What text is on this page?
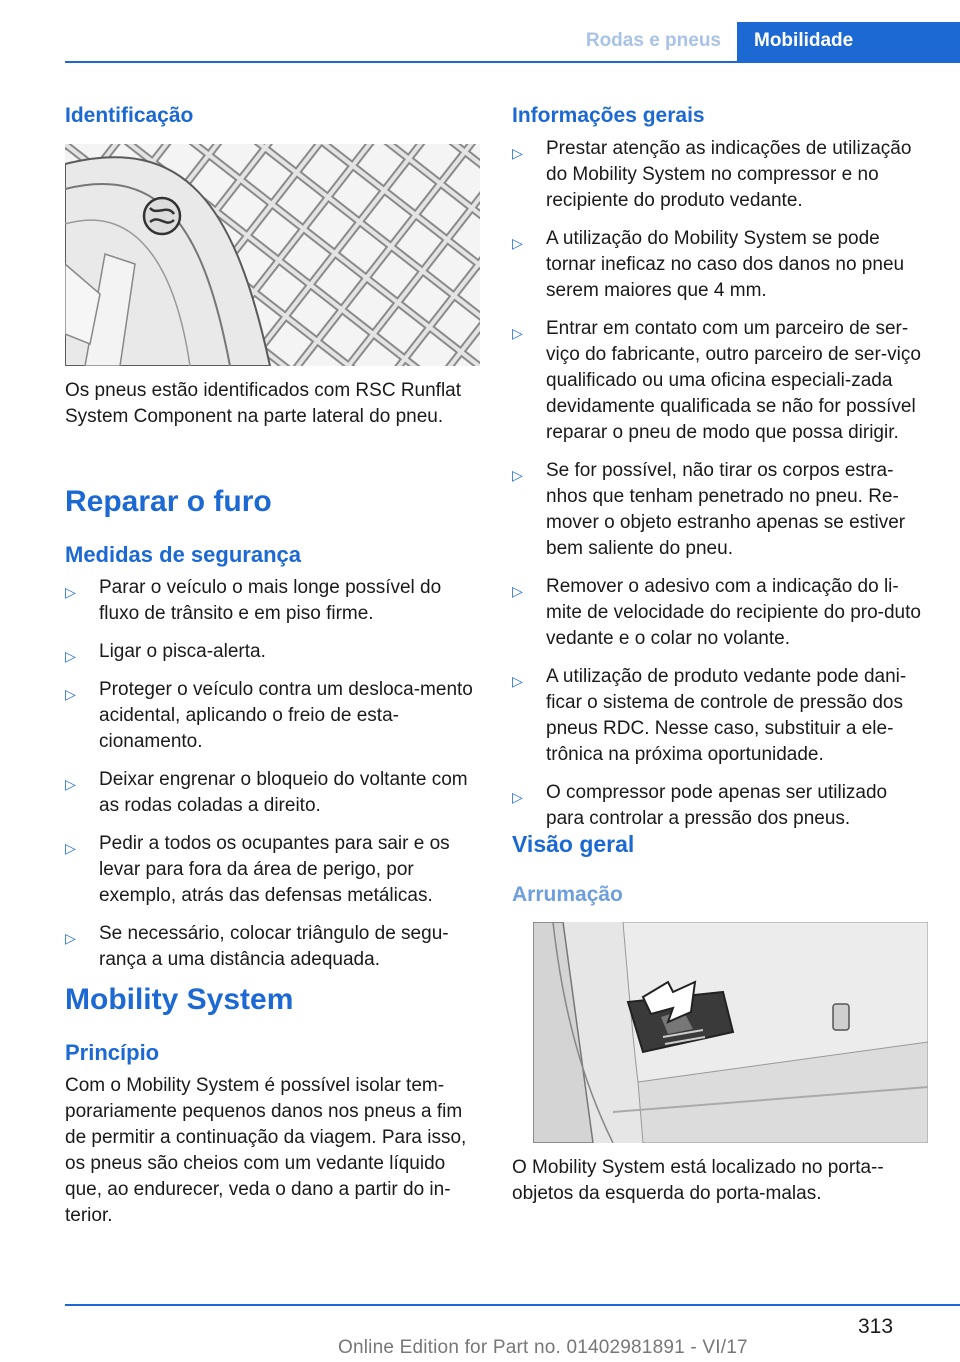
Rodas e pneus Mobilidade
Identificação

Os pneus estão identificados com RSC Runflat System Component na parte lateral do pneu.

Reparar o furo
Medidas de segurança
▷ Parar o veículo o mais longe possível do fluxo de trânsito e em piso firme.
▷ Ligar o pisca-alerta.
▷ Proteger o veículo contra um desloca-mento acidental, aplicando o freio de esta-cionamento.
▷ Deixar engrenar o bloqueio do voltante com as rodas coladas a direito.
▷ Pedir a todos os ocupantes para sair e os levar para fora da área de perigo, por exemplo, atrás das defensas metálicas.
▷ Se necessário, colocar triângulo de segu-rança a uma distância adequada.
Mobility System
Princípio

Com o Mobility System é possível isolar tem-porariamente pequenos danos nos pneus a fim de permitir a continuação da viagem. Para isso, os pneus são cheios com um vedante líquido que, ao endurecer, veda o dano a partir do in-terior.

Informações gerais
▷ Prestar atenção as indicações de utilização do Mobility System no compressor e no recipiente do produto vedante.
▷ A utilização do Mobility System se pode tornar ineficaz no caso dos danos no pneu serem maiores que 4 mm.
▷ Entrar em contato com um parceiro de ser-viço do fabricante, outro parceiro de ser-viço qualificado ou uma oficina especiali-zada devidamente qualificada se não for possível reparar o pneu de modo que possa dirigir.
▷ Se for possível, não tirar os corpos estra-nhos que tenham penetrado no pneu. Re-mover o objeto estranho apenas se estiver bem saliente do pneu.
▷ Remover o adesivo com a indicação do li-mite de velocidade do recipiente do pro-duto vedante e o colar no volante.
▷ A utilização de produto vedante pode dani-ficar o sistema de controle de pressão dos pneus RDC. Nesse caso, substituir a ele-trônica na próxima oportunidade.
▷ O compressor pode apenas ser utilizado para controlar a pressão dos pneus.
Visão geral
Arrumação

O Mobility System está localizado no porta--objetos da esquerda do porta-malas.

313
Online Edition for Part no. 01402981891 - VI/17
